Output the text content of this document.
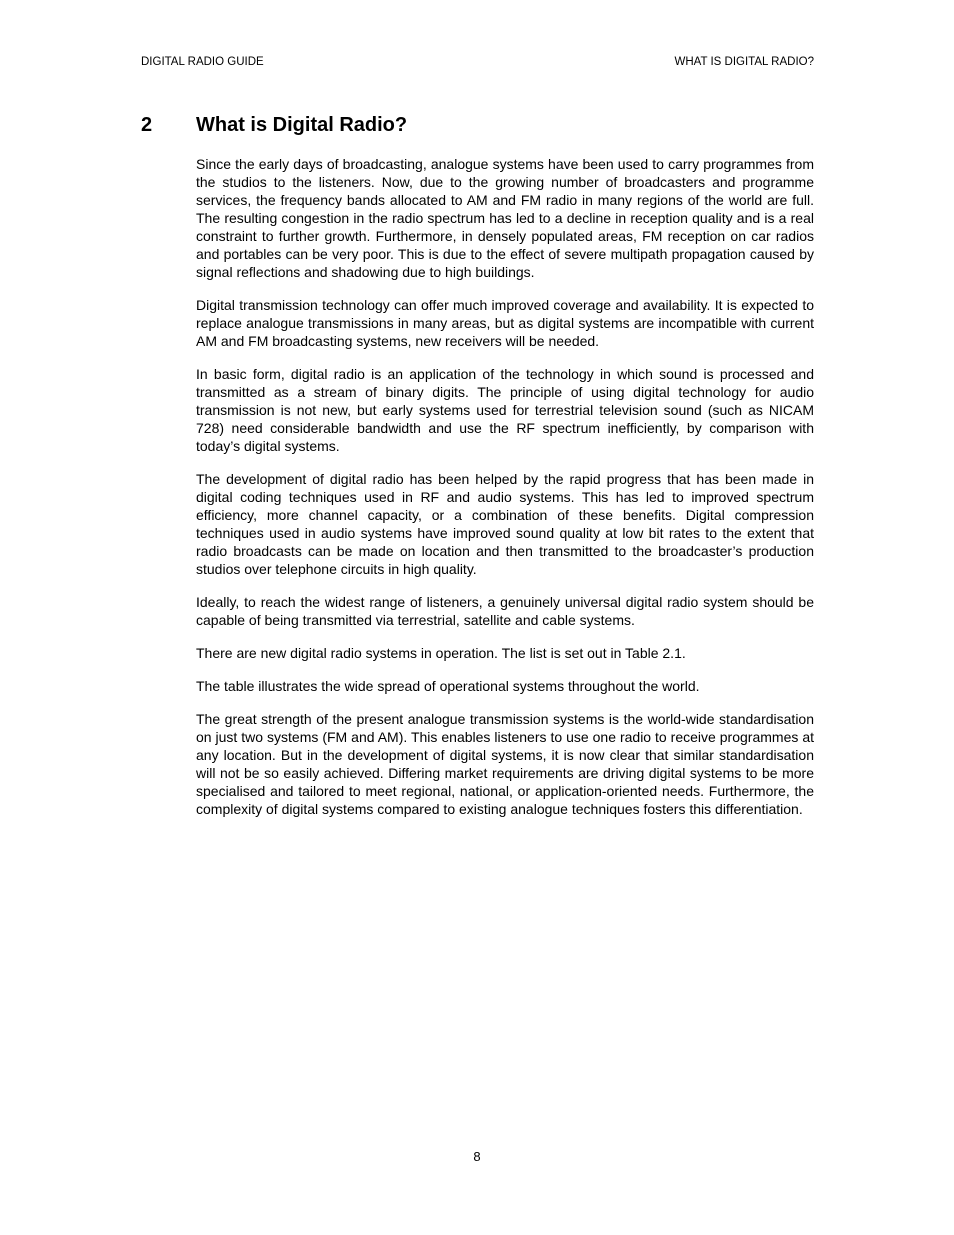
DIGITAL RADIO GUIDE	WHAT IS DIGITAL RADIO?
2 What is Digital Radio?

Since the early days of broadcasting, analogue systems have been used to carry programmes from the studios to the listeners. Now, due to the growing number of broadcasters and programme services, the frequency bands allocated to AM and FM radio in many regions of the world are full. The resulting congestion in the radio spectrum has led to a decline in reception quality and is a real constraint to further growth. Furthermore, in densely populated areas, FM reception on car radios and portables can be very poor. This is due to the effect of severe multipath propagation caused by signal reflections and shadowing due to high buildings.

Digital transmission technology can offer much improved coverage and availability. It is expected to replace analogue transmissions in many areas, but as digital systems are incompatible with current AM and FM broadcasting systems, new receivers will be needed.

In basic form, digital radio is an application of the technology in which sound is processed and transmitted as a stream of binary digits. The principle of using digital technology for audio transmission is not new, but early systems used for terrestrial television sound (such as NICAM 728) need considerable bandwidth and use the RF spectrum inefficiently, by comparison with today’s digital systems.

The development of digital radio has been helped by the rapid progress that has been made in digital coding techniques used in RF and audio systems. This has led to improved spectrum efficiency, more channel capacity, or a combination of these benefits. Digital compression techniques used in audio systems have improved sound quality at low bit rates to the extent that radio broadcasts can be made on location and then transmitted to the broadcaster’s production studios over telephone circuits in high quality.

Ideally, to reach the widest range of listeners, a genuinely universal digital radio system should be capable of being transmitted via terrestrial, satellite and cable systems.

There are new digital radio systems in operation. The list is set out in Table 2.1.

The table illustrates the wide spread of operational systems throughout the world.

The great strength of the present analogue transmission systems is the world-wide standardisation on just two systems (FM and AM). This enables listeners to use one radio to receive programmes at any location. But in the development of digital systems, it is now clear that similar standardisation will not be so easily achieved. Differing market requirements are driving digital systems to be more specialised and tailored to meet regional, national, or application-oriented needs. Furthermore, the complexity of digital systems compared to existing analogue techniques fosters this differentiation.

8
